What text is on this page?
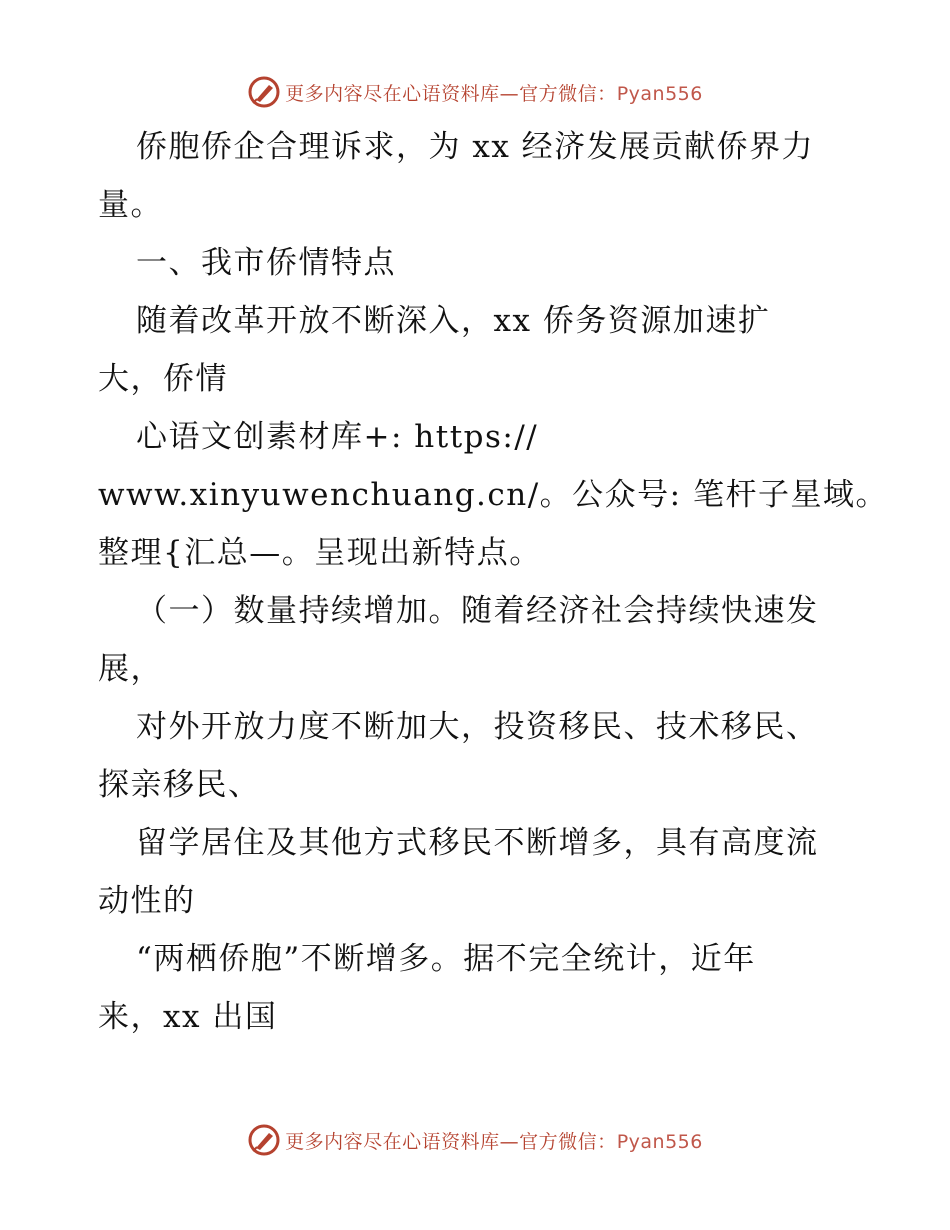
更多内容尽在心语资料库—官方微信：Pyan556
侨胞侨企合理诉求，为 xx 经济发展贡献侨界力
量。
一、我市侨情特点
随着改革开放不断深入，xx 侨务资源加速扩
大，侨情
心语文创素材库+: https://
www.xinyuwenchuang.cn/。公众号: 笔杆子星域。
整理{汇总—。呈现出新特点。
（一）数量持续增加。随着经济社会持续快速发
展，
对外开放力度不断加大，投资移民、技术移民、
探亲移民、
留学居住及其他方式移民不断增多，具有高度流
动性的
“两栖侨胞”不断增多。据不完全统计，近年
来，xx 出国
更多内容尽在心语资料库—官方微信：Pyan556
